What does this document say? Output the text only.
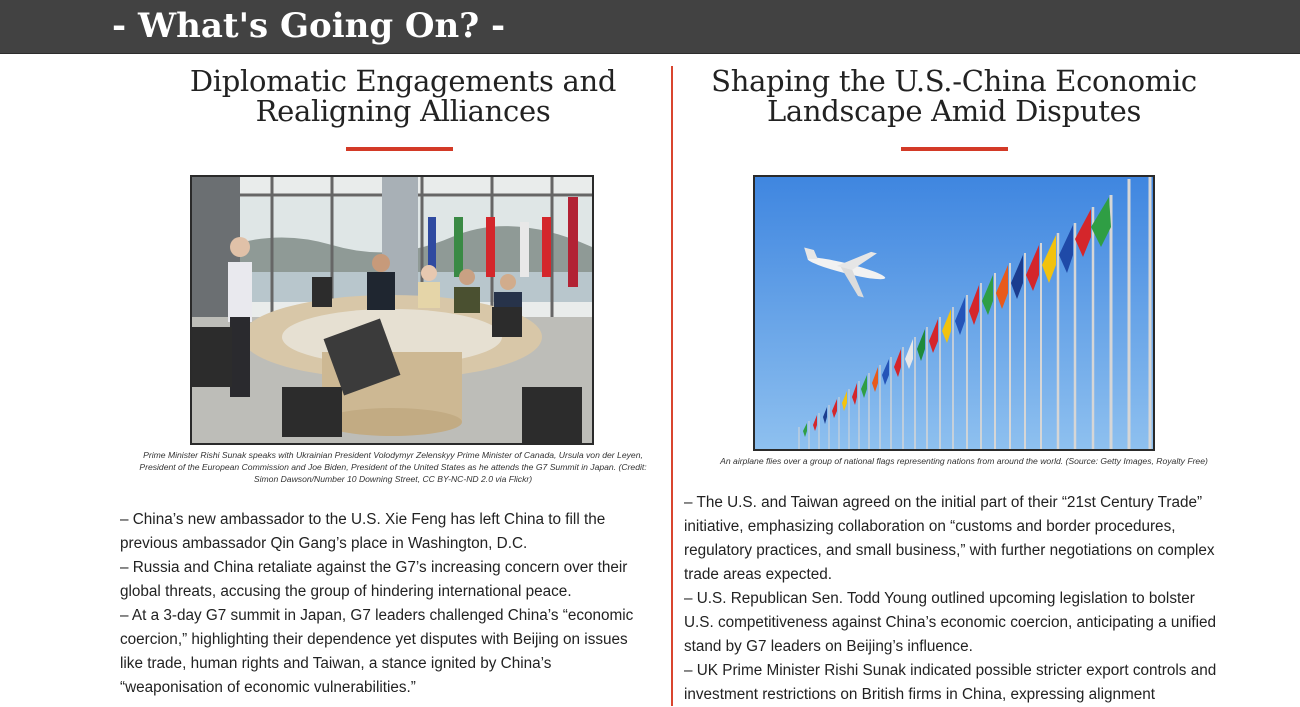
- What's Going On? -
Diplomatic Engagements and Realigning Alliances

Prime Minister Rishi Sunak speaks with Ukrainian President Volodymyr Zelenskyy Prime Minister of Canada, Ursula von der Leyen, President of the European Commission and Joe Biden, President of the United States as he attends the G7 Summit in Japan. (Credit: Simon Dawson/Number 10 Downing Street, CC BY-NC-ND 2.0 via Flickr)

– China’s new ambassador to the U.S. Xie Feng has left China to fill the previous ambassador Qin Gang’s place in Washington, D.C.
– Russia and China retaliate against the G7’s increasing concern over their global threats, accusing the group of hindering international peace.
– At a 3-day G7 summit in Japan, G7 leaders challenged China’s “economic coercion,” highlighting their dependence yet disputes with Beijing on issues like trade, human rights and Taiwan, a stance ignited by China’s “weaponisation of economic vulnerabilities.”
Shaping the U.S.-China Economic Landscape Amid Disputes

An airplane flies over a group of national flags representing nations from around the world. (Source: Getty Images, Royalty Free)

– The U.S. and Taiwan agreed on the initial part of their “21st Century Trade” initiative, emphasizing collaboration on “customs and border procedures, regulatory practices, and small business,” with further negotiations on complex trade areas expected.
– U.S. Republican Sen. Todd Young outlined upcoming legislation to bolster U.S. competitiveness against China’s economic coercion, anticipating a unified stand by G7 leaders on Beijing’s influence.
– UK Prime Minister Rishi Sunak indicated possible stricter export controls and investment restrictions on British firms in China, expressing alignment
